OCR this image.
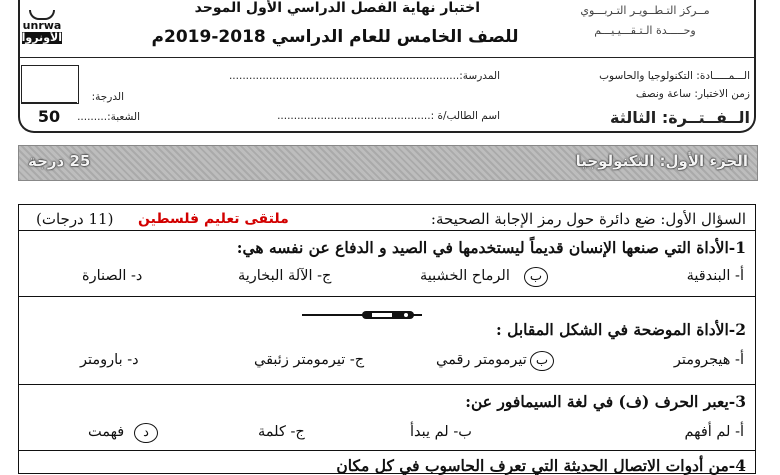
unrwa
الأونروا
اختبار نهاية الفصل الدراسي الأول الموحد
للصف الخامس للعام الدراسي 2018-2019م
مــركز التـطــويـر التـربـــوي
وحـــــدة الـتـقـــيـيـــم
الـــمـــــادة: التكنولوجيا والحاسوب
المدرسة:.....................................................................
زمن الاختبار: ساعة ونصف
الــفــتــرة: الثالثة
اسم الطالب/ة :..............................................
الشعبة:.........
الدرجة:
50
الجزء الأول: التكنولوجيا
25 درجة
السؤال الأول: ضع دائرة حول رمز الإجابة الصحيحة:
ملتقى تعليم فلسطين
(11 درجات)
1-الأداة التي صنعها الإنسان قديماً ليستخدمها في الصيد و الدفاع عن نفسه هي:
أ- البندقية
ب
الرماح الخشبية
ج- الآلة البخارية
د- الصنارة
2-الأداة الموضحة في الشكل المقابل :
أ- هيجرومتر
ب
تيرمومتر رقمي
ج- تيرمومتر زئبقي
د- بارومتر
3-يعبر الحرف (ف) في لغة السيمافور عن:
أ- لم أفهم
ب- لم يبدأ
ج- كلمة
د
فهمت
4-من أدوات الاتصال الحديثة التي تعرف الحاسوب في كل مكان
